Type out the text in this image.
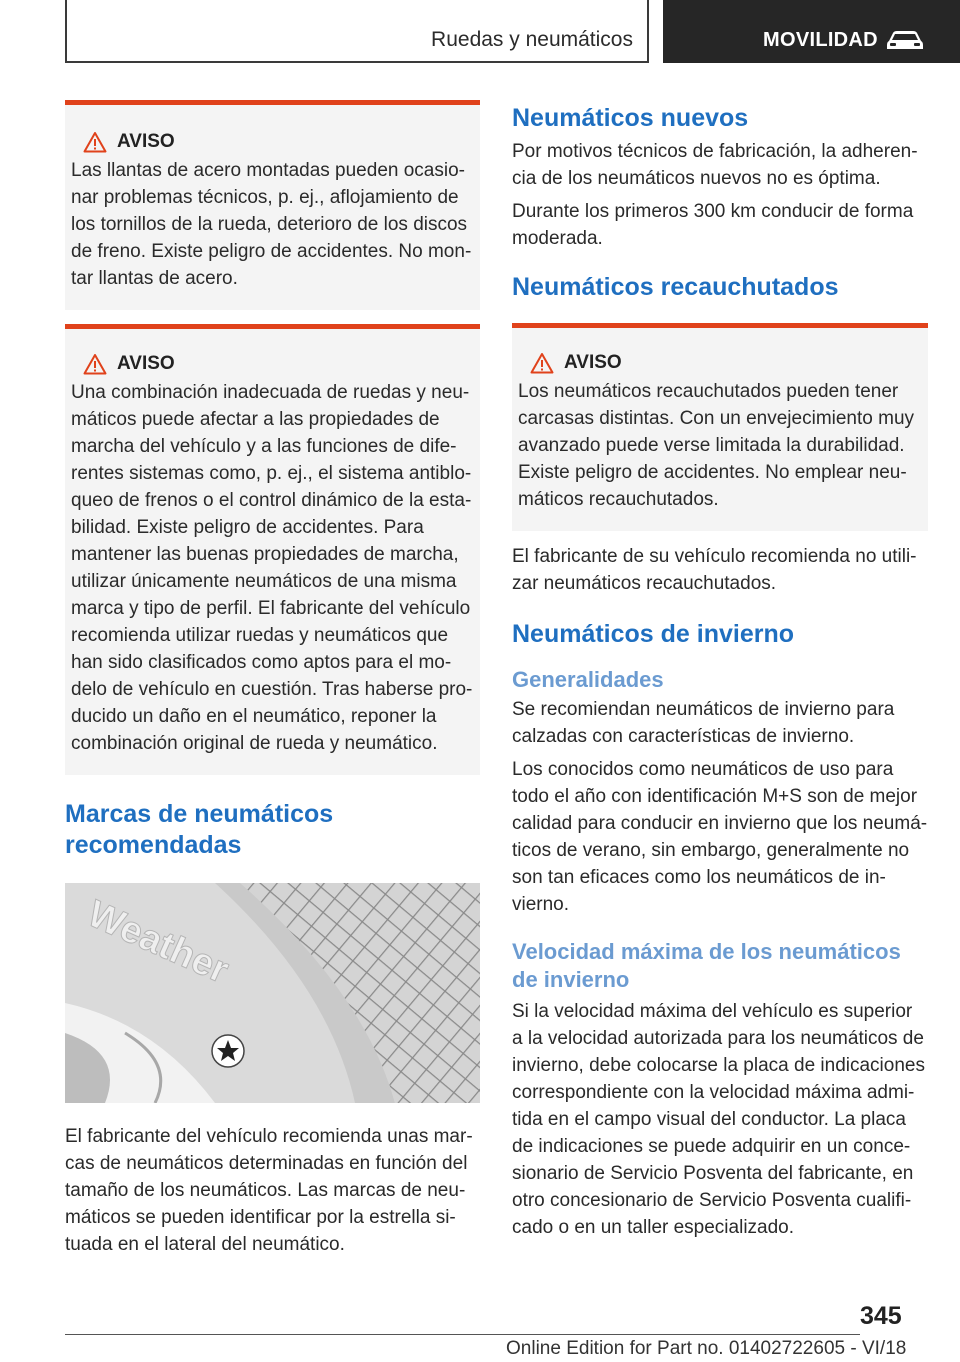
Ruedas y neumáticos	MOVILIDAD
AVISO

Las llantas de acero montadas pueden ocasio-nar problemas técnicos, p. ej., aflojamiento de los tornillos de la rueda, deterioro de los discos de freno. Existe peligro de accidentes. No mon-tar llantas de acero.

AVISO

Una combinación inadecuada de ruedas y neu-máticos puede afectar a las propiedades de marcha del vehículo y a las funciones de dife-rentes sistemas como, p. ej., el sistema antiblo-queo de frenos o el control dinámico de la esta-bilidad. Existe peligro de accidentes. Para mantener las buenas propiedades de marcha, utilizar únicamente neumáticos de una misma marca y tipo de perfil. El fabricante del vehículo recomienda utilizar ruedas y neumáticos que han sido clasificados como aptos para el mo-delo de vehículo en cuestión. Tras haberse pro-ducido un daño en el neumático, reponer la combinación original de rueda y neumático.

Marcas de neumáticos recomendadas
Weather

El fabricante del vehículo recomienda unas mar-cas de neumáticos determinadas en función del tamaño de los neumáticos. Las marcas de neu-máticos se pueden identificar por la estrella si-tuada en el lateral del neumático.

Neumáticos nuevos

Por motivos técnicos de fabricación, la adheren-cia de los neumáticos nuevos no es óptima.

Durante los primeros 300 km conducir de forma moderada.

Neumáticos recauchutados
AVISO

Los neumáticos recauchutados pueden tener carcasas distintas. Con un envejecimiento muy avanzado puede verse limitada la durabilidad. Existe peligro de accidentes. No emplear neu-máticos recauchutados.

El fabricante de su vehículo recomienda no utili-zar neumáticos recauchutados.

Neumáticos de invierno
Generalidades

Se recomiendan neumáticos de invierno para calzadas con características de invierno.

Los conocidos como neumáticos de uso para todo el año con identificación M+S son de mejor calidad para conducir en invierno que los neumá-ticos de verano, sin embargo, generalmente no son tan eficaces como los neumáticos de in-vierno.

Velocidad máxima de los neumáticos de invierno

Si la velocidad máxima del vehículo es superior a la velocidad autorizada para los neumáticos de invierno, debe colocarse la placa de indicaciones correspondiente con la velocidad máxima admi-tida en el campo visual del conductor. La placa de indicaciones se puede adquirir en un conce-sionario de Servicio Posventa del fabricante, en otro concesionario de Servicio Posventa cualifi-cado o en un taller especializado.

345
Online Edition for Part no. 01402722605 - VI/18
